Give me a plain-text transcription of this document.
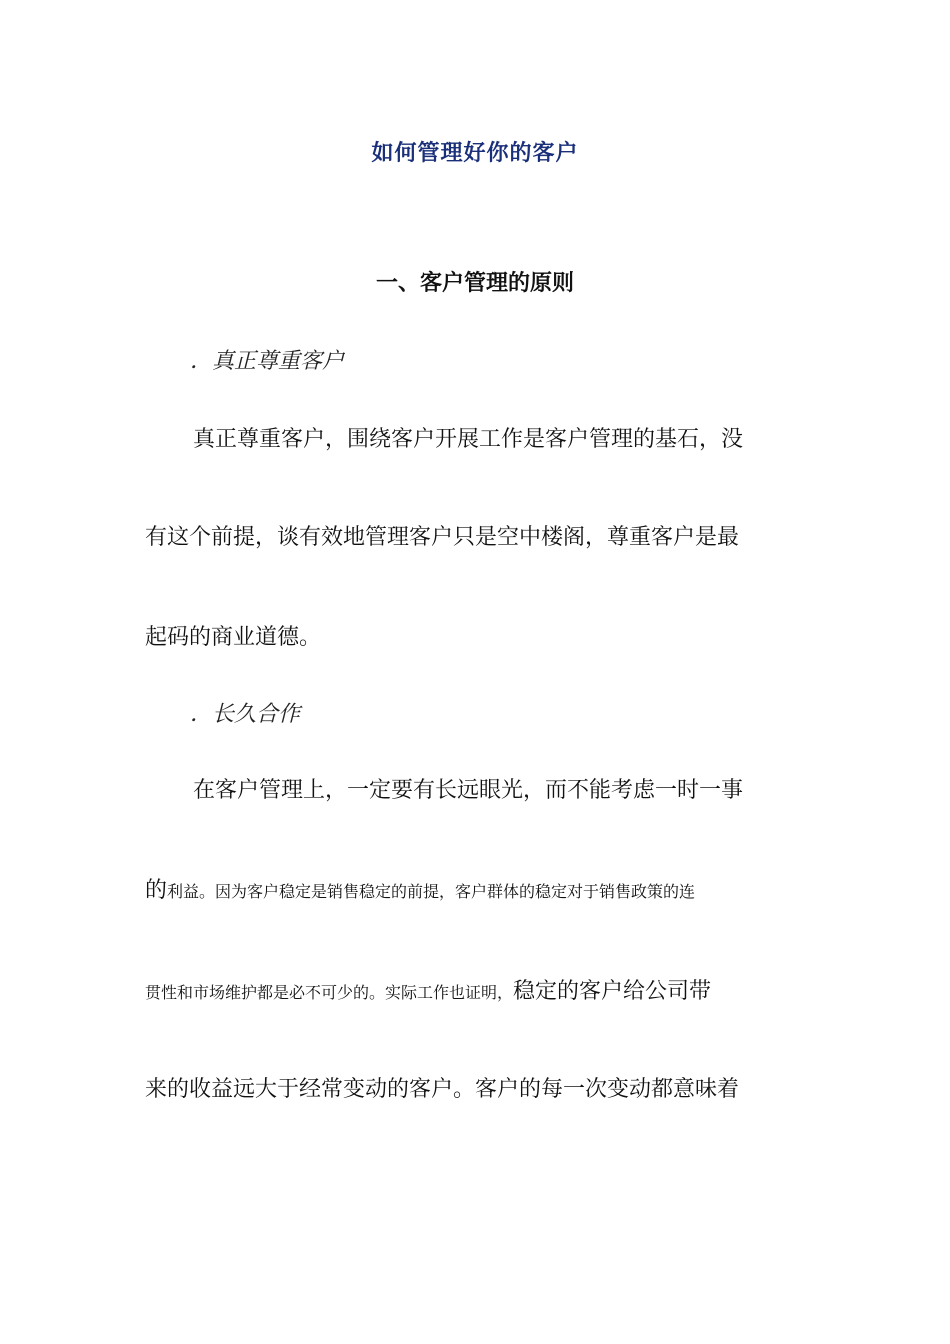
如何管理好你的客户
一、客户管理的原则
．真正尊重客户
真正尊重客户，围绕客户开展工作是客户管理的基石，没
有这个前提，谈有效地管理客户只是空中楼阁，尊重客户是最
起码的商业道德。
．长久合作
在客户管理上，一定要有长远眼光，而不能考虑一时一事
的利益。因为客户稳定是销售稳定的前提，客户群体的稳定对于销售政策的连
贯性和市场维护都是必不可少的。实际工作也证明，稳定的客户给公司带
来的收益远大于经常变动的客户。客户的每一次变动都意味着
